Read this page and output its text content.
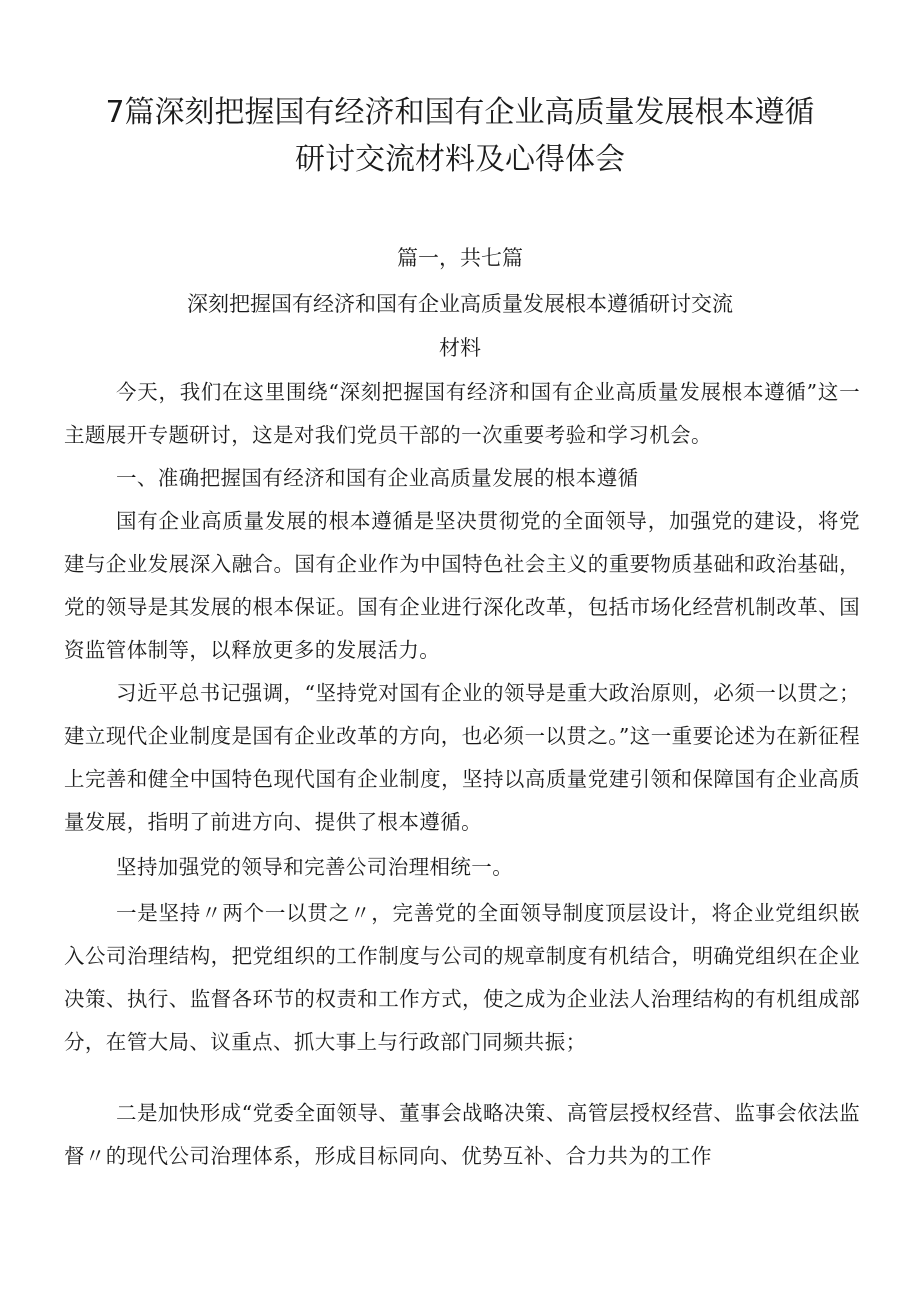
7篇深刻把握国有经济和国有企业高质量发展根本遵循
研讨交流材料及心得体会

篇一，共七篇

深刻把握国有经济和国有企业高质量发展根本遵循研讨交流

材料

今天，我们在这里围绕“深刻把握国有经济和国有企业高质量发展根本遵循”这一主题展开专题研讨，这是对我们党员干部的一次重要考验和学习机会。

一、准确把握国有经济和国有企业高质量发展的根本遵循

国有企业高质量发展的根本遵循是坚决贯彻党的全面领导，加强党的建设，将党建与企业发展深入融合。国有企业作为中国特色社会主义的重要物质基础和政治基础，党的领导是其发展的根本保证。国有企业进行深化改革，包括市场化经营机制改革、国资监管体制等，以释放更多的发展活力。

习近平总书记强调，“坚持党对国有企业的领导是重大政治原则，必须一以贯之；建立现代企业制度是国有企业改革的方向，也必须一以贯之。”这一重要论述为在新征程上完善和健全中国特色现代国有企业制度，坚持以高质量党建引领和保障国有企业高质量发展，指明了前进方向、提供了根本遵循。

坚持加强党的领导和完善公司治理相统一。

一是坚持〃两个一以贯之〃，完善党的全面领导制度顶层设计，将企业党组织嵌入公司治理结构，把党组织的工作制度与公司的规章制度有机结合，明确党组织在企业决策、执行、监督各环节的权责和工作方式，使之成为企业法人治理结构的有机组成部分，在管大局、议重点、抓大事上与行政部门同频共振；

二是加快形成“党委全面领导、董事会战略决策、高管层授权经营、监事会依法监督〃的现代公司治理体系，形成目标同向、优势互补、合力共为的工作
